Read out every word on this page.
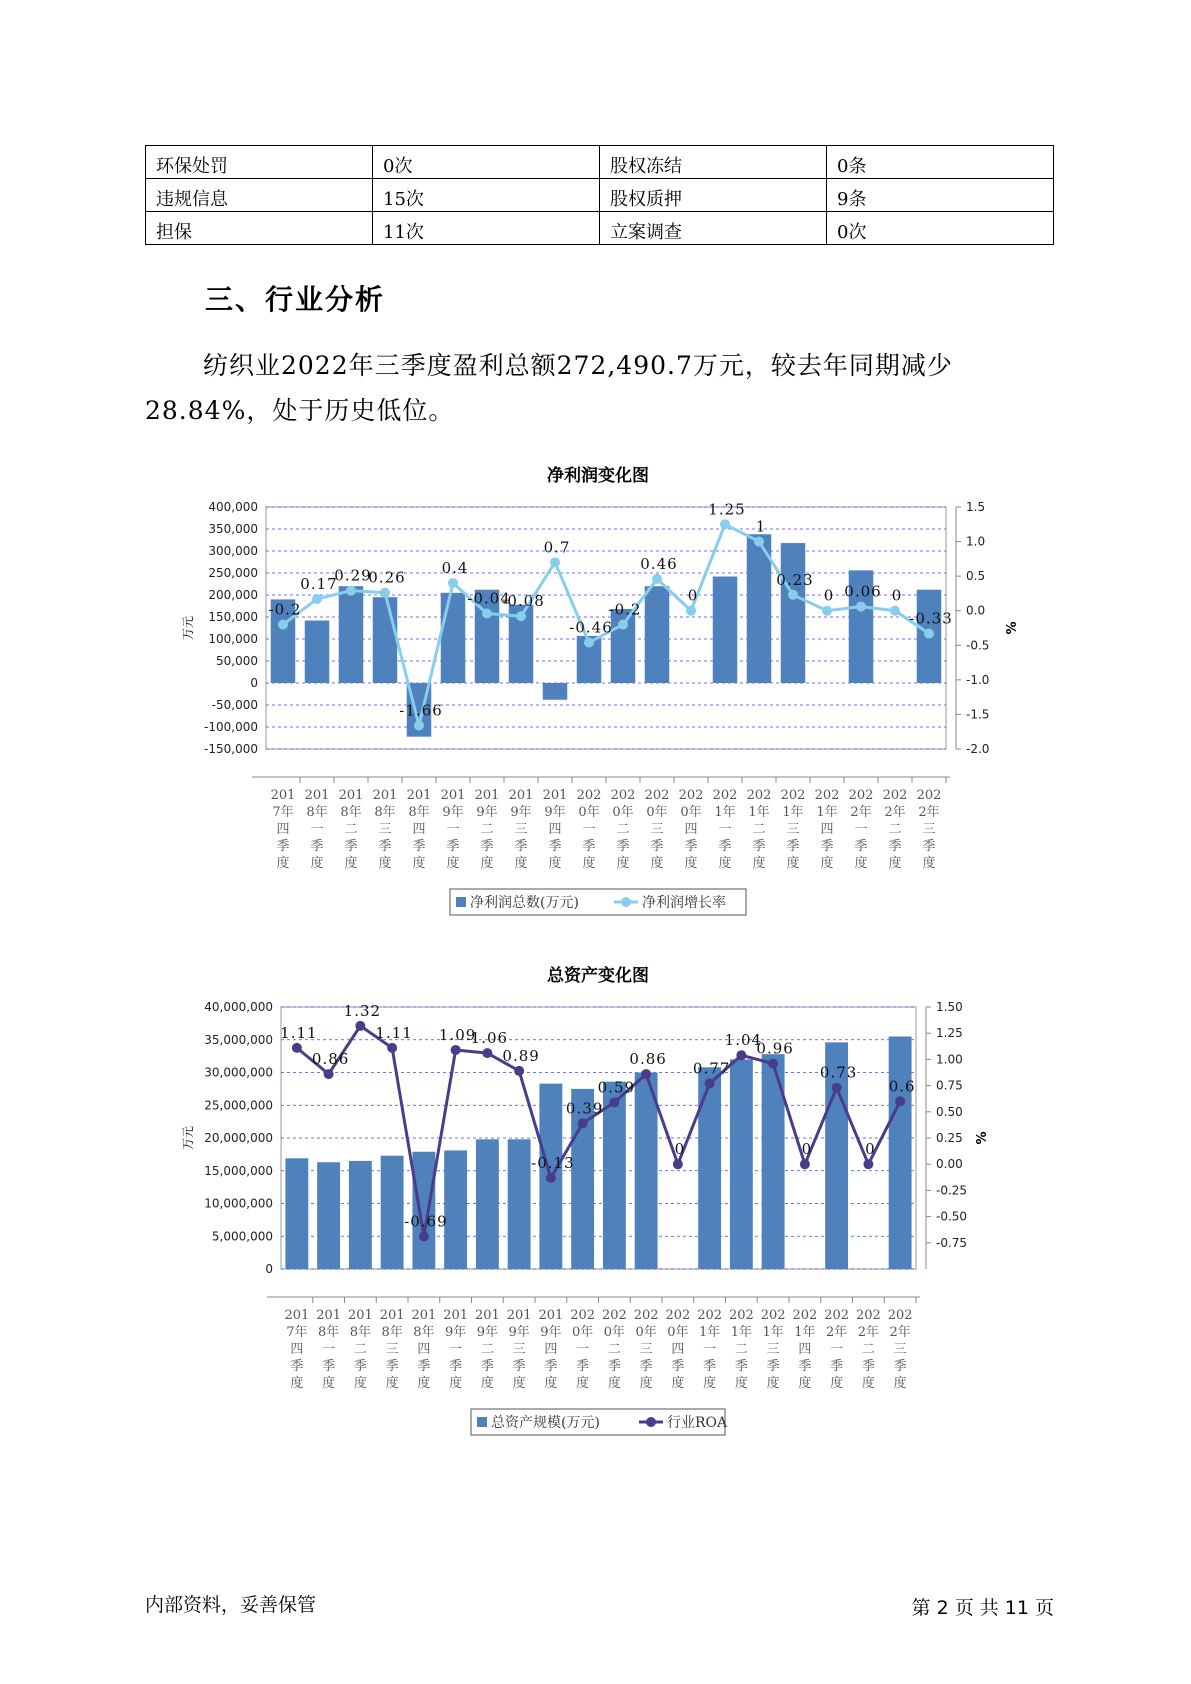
环保处罚	0次	股权冻结	0条
违规信息	15次	股权质押	9条
担保	11次	立案调查	0次
三、行业分析
纺织业2022年三季度盈利总额272,490.7万元，较去年同期减少28.84%，处于历史低位。
净利润变化图
400,000
350,000
300,000
250,000
200,000
150,000
100,000
50,000
0
-50,000
-100,000
-150,000
万元
1.5
1.0
0.5
0.0
-0.5
-1.0
-1.5
-2.0
%
-0.2
0.17
0.29
0.26
-1.66
0.4
-0.04
-0.08
0.7
-0.46
-0.2
0.46
0
1.25
1
0.23
0 0.06 0
-0.33
201
7年
四
季
度
201
8年
一
季
度
201
8年
二
季
度
201
8年
三
季
度
201
8年
四
季
度
201
9年
一
季
度
201
9年
二
季
度
201
9年
三
季
度
201
9年
四
季
度
202
0年
一
季
度
202
0年
二
季
度
202
0年
三
季
度
202
0年
四
季
度
202
1年
一
季
度
202
1年
二
季
度
202
1年
三
季
度
202
1年
四
季
度
202
2年
一
季
度
202
2年
二
季
度
202
2年
三
季
度
净利润总数(万元)	净利润增长率
总资产变化图
40,000,000
35,000,000
30,000,000
25,000,000
20,000,000
15,000,000
10,000,000
5,000,000
0
万元
1.50
1.25
1.00
0.75
0.50
0.25
0.00
-0.25
-0.50
-0.75
%
1.11
0.86
1.32
1.11
-0.69
1.09
1.06
0.89
-0.13
0.39
0.59
0.86
0
0.77
1.04
0.96
0
0.73
0
0.6
201
7年
四
季
度
201
8年
一
季
度
201
8年
二
季
度
201
8年
三
季
度
201
8年
四
季
度
201
9年
一
季
度
201
9年
二
季
度
201
9年
三
季
度
201
9年
四
季
度
202
0年
一
季
度
202
0年
二
季
度
202
0年
三
季
度
202
0年
四
季
度
202
1年
一
季
度
202
1年
二
季
度
202
1年
三
季
度
202
1年
四
季
度
202
2年
一
季
度
202
2年
二
季
度
202
2年
三
季
度
总资产规模(万元)	行业ROA
内部资料，妥善保管	第 2 页 共 11 页
